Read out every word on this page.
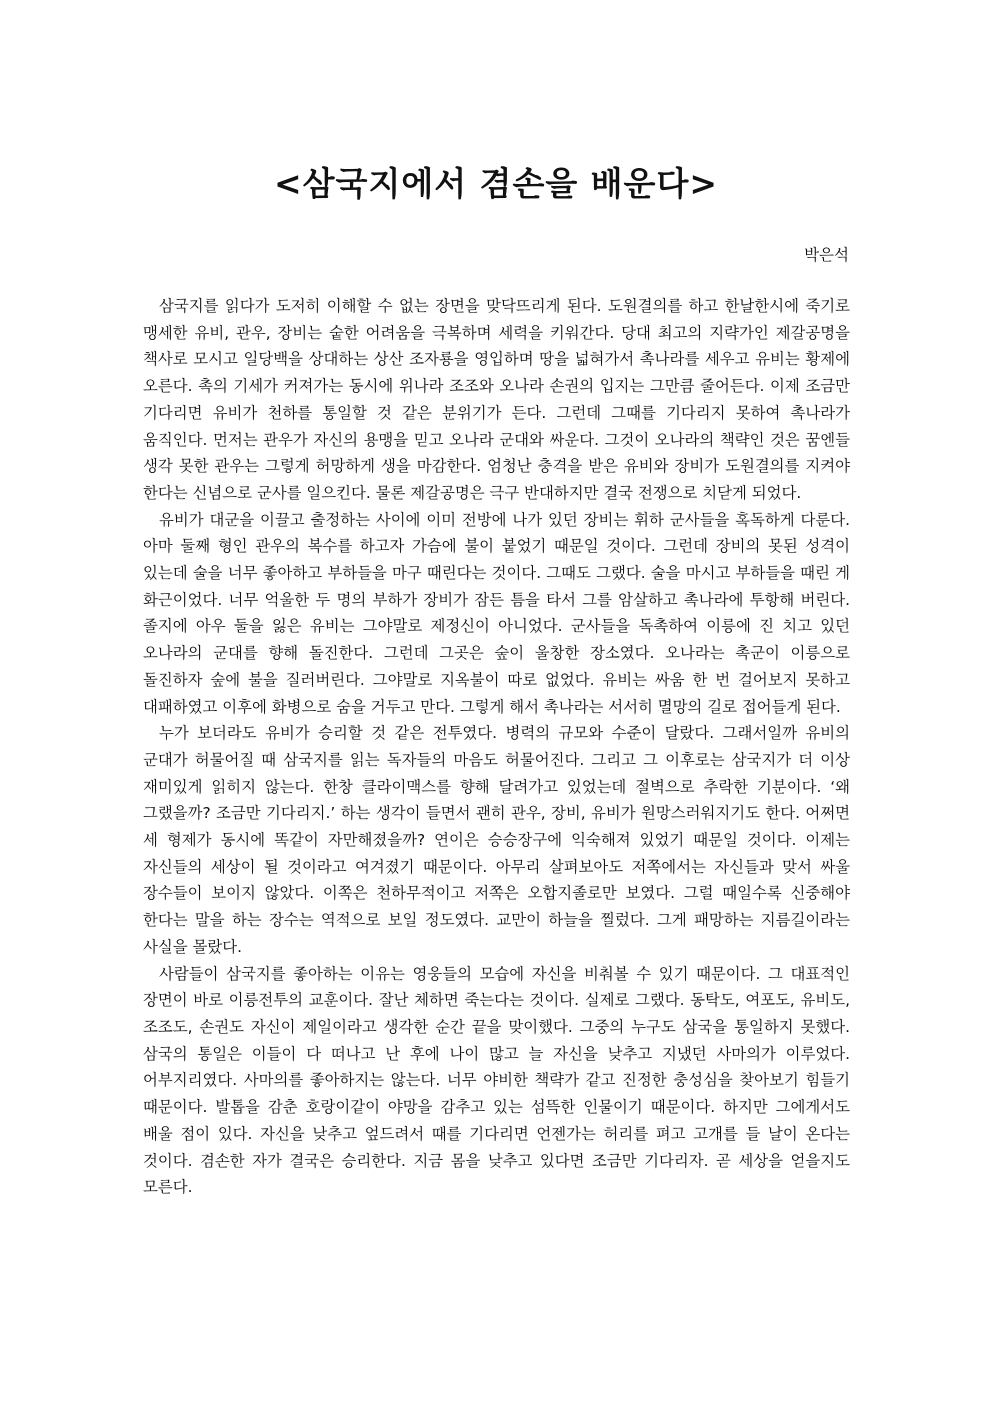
<삼국지에서 겸손을 배운다>

박은석

삼국지를 읽다가 도저히 이해할 수 없는 장면을 맞닥뜨리게 된다. 도원결의를 하고 한날한시에 죽기로 맹세한 유비, 관우, 장비는 숱한 어려움을 극복하며 세력을 키워간다. 당대 최고의 지략가인 제갈공명을 책사로 모시고 일당백을 상대하는 상산 조자룡을 영입하며 땅을 넓혀가서 촉나라를 세우고 유비는 황제에 오른다. 촉의 기세가 커져가는 동시에 위나라 조조와 오나라 손권의 입지는 그만큼 줄어든다. 이제 조금만 기다리면 유비가 천하를 통일할 것 같은 분위기가 든다. 그런데 그때를 기다리지 못하여 촉나라가 움직인다. 먼저는 관우가 자신의 용맹을 믿고 오나라 군대와 싸운다. 그것이 오나라의 책략인 것은 꿈엔들 생각 못한 관우는 그렇게 허망하게 생을 마감한다. 엄청난 충격을 받은 유비와 장비가 도원결의를 지켜야 한다는 신념으로 군사를 일으킨다. 물론 제갈공명은 극구 반대하지만 결국 전쟁으로 치닫게 되었다.

유비가 대군을 이끌고 출정하는 사이에 이미 전방에 나가 있던 장비는 휘하 군사들을 혹독하게 다룬다. 아마 둘째 형인 관우의 복수를 하고자 가슴에 불이 붙었기 때문일 것이다. 그런데 장비의 못된 성격이 있는데 술을 너무 좋아하고 부하들을 마구 때린다는 것이다. 그때도 그랬다. 술을 마시고 부하들을 때린 게 화근이었다. 너무 억울한 두 명의 부하가 장비가 잠든 틈을 타서 그를 암살하고 촉나라에 투항해 버린다. 졸지에 아우 둘을 잃은 유비는 그야말로 제정신이 아니었다. 군사들을 독촉하여 이릉에 진 치고 있던 오나라의 군대를 향해 돌진한다. 그런데 그곳은 숲이 울창한 장소였다. 오나라는 촉군이 이릉으로 돌진하자 숲에 불을 질러버린다. 그야말로 지옥불이 따로 없었다. 유비는 싸움 한 번 걸어보지 못하고 대패하였고 이후에 화병으로 숨을 거두고 만다. 그렇게 해서 촉나라는 서서히 멸망의 길로 접어들게 된다.

누가 보더라도 유비가 승리할 것 같은 전투였다. 병력의 규모와 수준이 달랐다. 그래서일까 유비의 군대가 허물어질 때 삼국지를 읽는 독자들의 마음도 허물어진다. 그리고 그 이후로는 삼국지가 더 이상 재미있게 읽히지 않는다. 한창 클라이맥스를 향해 달려가고 있었는데 절벽으로 추락한 기분이다. ‘왜 그랬을까? 조금만 기다리지.’ 하는 생각이 들면서 괜히 관우, 장비, 유비가 원망스러워지기도 한다. 어쩌면 세 형제가 동시에 똑같이 자만해졌을까? 연이은 승승장구에 익숙해져 있었기 때문일 것이다. 이제는 자신들의 세상이 될 것이라고 여겨졌기 때문이다. 아무리 살펴보아도 저쪽에서는 자신들과 맞서 싸울 장수들이 보이지 않았다. 이쪽은 천하무적이고 저쪽은 오합지졸로만 보였다. 그럴 때일수록 신중해야 한다는 말을 하는 장수는 역적으로 보일 정도였다. 교만이 하늘을 찔렀다. 그게 패망하는 지름길이라는 사실을 몰랐다.

사람들이 삼국지를 좋아하는 이유는 영웅들의 모습에 자신을 비춰볼 수 있기 때문이다. 그 대표적인 장면이 바로 이릉전투의 교훈이다. 잘난 체하면 죽는다는 것이다. 실제로 그랬다. 동탁도, 여포도, 유비도, 조조도, 손권도 자신이 제일이라고 생각한 순간 끝을 맞이했다. 그중의 누구도 삼국을 통일하지 못했다. 삼국의 통일은 이들이 다 떠나고 난 후에 나이 많고 늘 자신을 낮추고 지냈던 사마의가 이루었다. 어부지리였다. 사마의를 좋아하지는 않는다. 너무 야비한 책략가 같고 진정한 충성심을 찾아보기 힘들기 때문이다. 발톱을 감춘 호랑이같이 야망을 감추고 있는 섬뜩한 인물이기 때문이다. 하지만 그에게서도 배울 점이 있다. 자신을 낮추고 엎드려서 때를 기다리면 언젠가는 허리를 펴고 고개를 들 날이 온다는 것이다. 겸손한 자가 결국은 승리한다. 지금 몸을 낮추고 있다면 조금만 기다리자. 곧 세상을 얻을지도 모른다.
